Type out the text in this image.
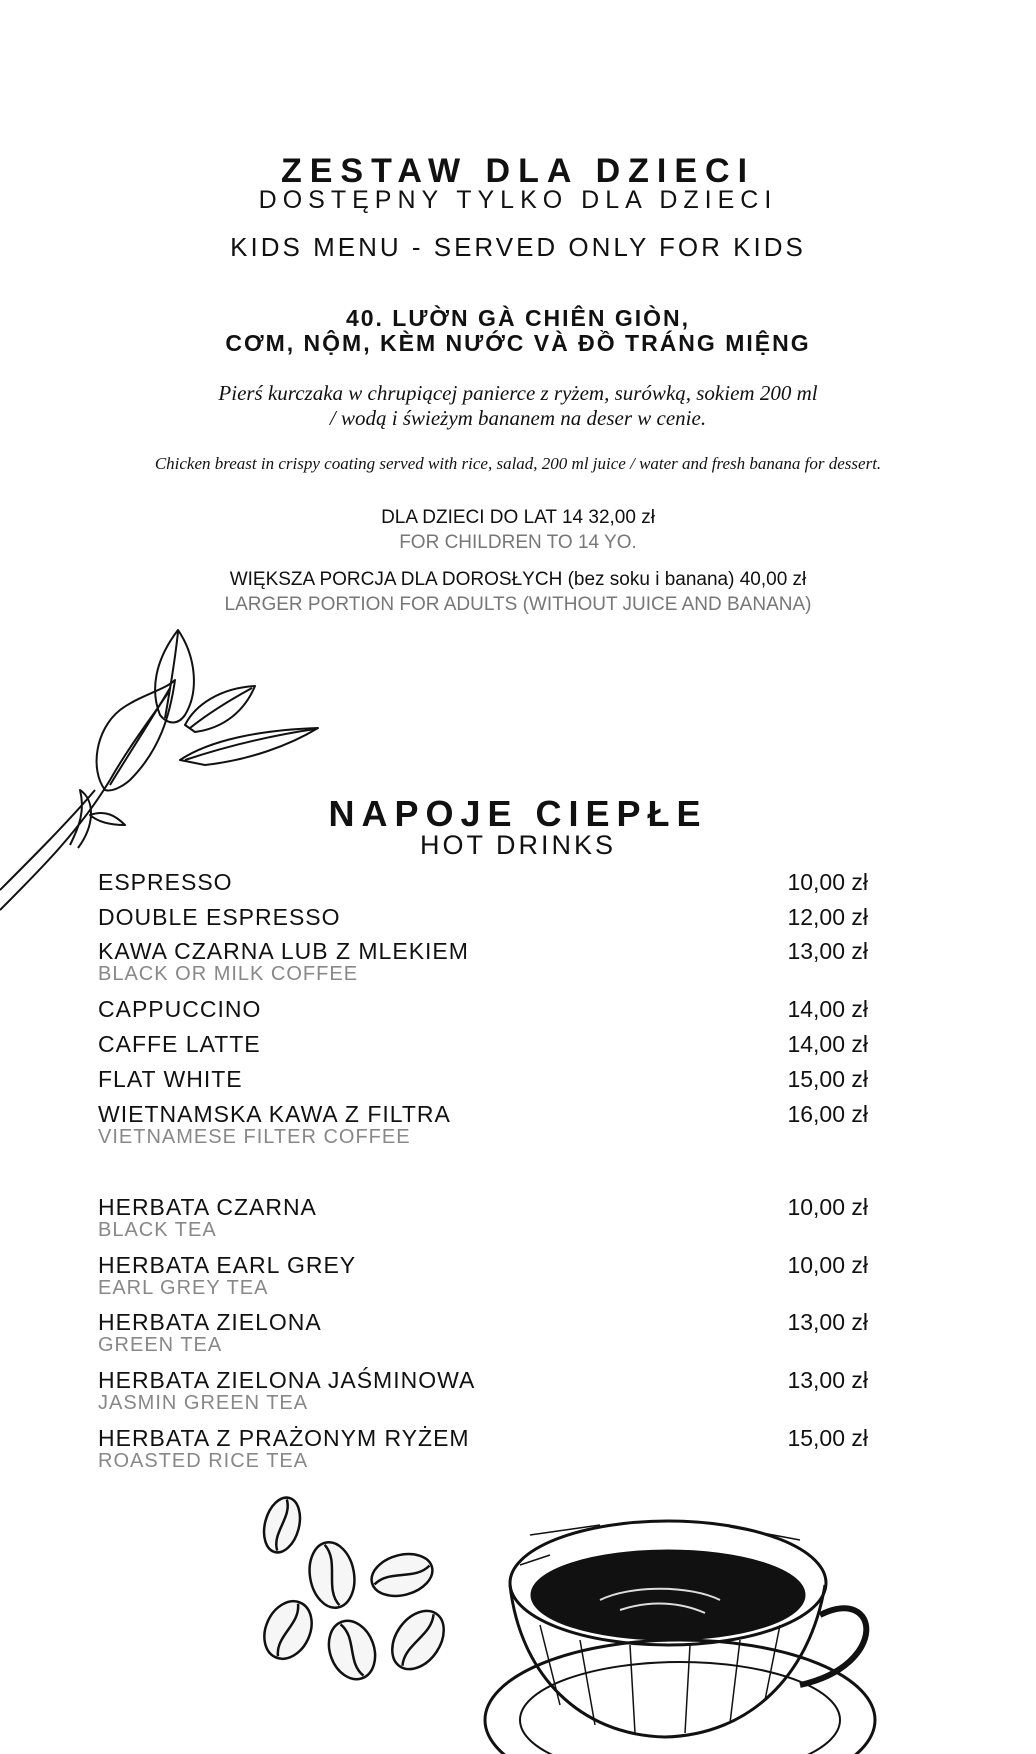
ZESTAW DLA DZIECI
DOSTĘPNY TYLKO DLA DZIECI
KIDS MENU - SERVED ONLY FOR KIDS
40. LƯỜN GÀ CHIÊN GIÒN,
CƠM, NỘM, KÈM NƯỚC VÀ ĐỒ TRÁNG MIỆNG
Pierś kurczaka w chrupiącej panierce z ryżem, surówką, sokiem 200 ml
/ wodą i świeżym bananem na deser w cenie.
Chicken breast in crispy coating served with rice, salad, 200 ml juice / water and fresh banana for dessert.
DLA DZIECI DO LAT 14 32,00 zł
FOR CHILDREN TO 14 YO.
WIĘKSZA PORCJA DLA DOROSŁYCH (bez soku i banana) 40,00 zł
LARGER PORTION FOR ADULTS (WITHOUT JUICE AND BANANA)
NAPOJE CIEPŁE
HOT DRINKS
ESPRESSO	10,00 zł
DOUBLE ESPRESSO	12,00 zł
KAWA CZARNA LUB Z MLEKIEM	13,00 zł
BLACK OR MILK COFFEE
CAPPUCCINO	14,00 zł
CAFFE LATTE	14,00 zł
FLAT WHITE	15,00 zł
WIETNAMSKA KAWA Z FILTRA	16,00 zł
VIETNAMESE FILTER COFFEE
HERBATA CZARNA	10,00 zł
BLACK TEA
HERBATA EARL GREY	10,00 zł
EARL GREY TEA
HERBATA ZIELONA	13,00 zł
GREEN TEA
HERBATA ZIELONA JAŚMINOWA	13,00 zł
JASMIN GREEN TEA
HERBATA Z PRAŻONYM RYŻEM	15,00 zł
ROASTED RICE TEA
